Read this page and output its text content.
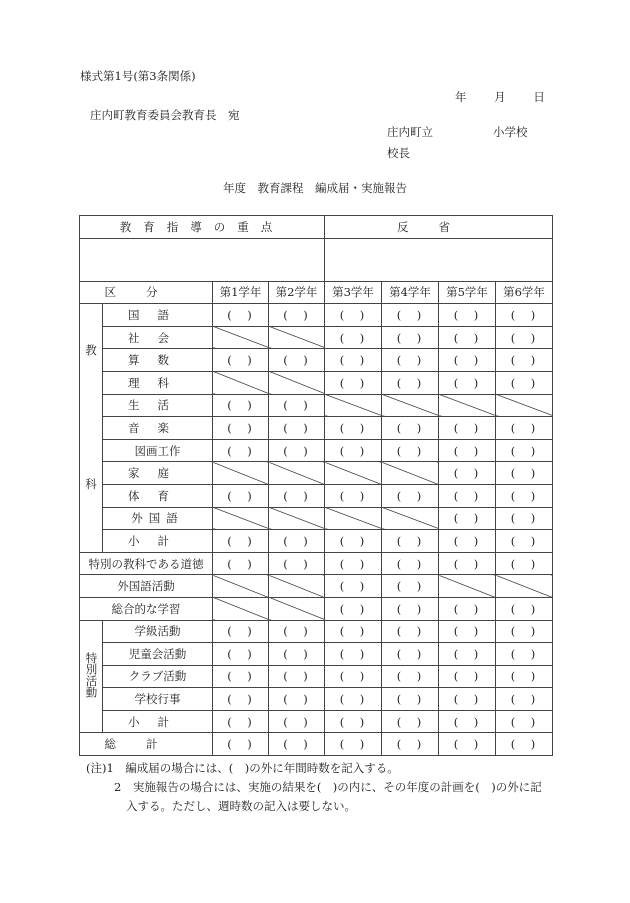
様式第1号(第3条関係)
年 月 日
庄内町教育委員会教育長　宛
庄内町立	小学校
校長
年度　教育課程　編成届・実施報告
教育指導の重点				反省			

区分		第1学年	第2学年	第3学年	第4学年	第5学年	第6学年

教
科	国語	(　)	(　)	(　)	(　)	(　)	(　)
	社会			(　)	(　)	(　)	(　)
	算数	(　)	(　)	(　)	(　)	(　)	(　)
	理科			(　)	(　)	(　)	(　)
	生活	(　)	(　)				
	音楽	(　)	(　)	(　)	(　)	(　)	(　)
	図画工作	(　)	(　)	(　)	(　)	(　)	(　)
	家庭					(　)	(　)
	体育	(　)	(　)	(　)	(　)	(　)	(　)
	外国語					(　)	(　)
	小計	(　)	(　)	(　)	(　)	(　)	(　)
特別の教科である道徳		(　)	(　)	(　)	(　)	(　)	(　)
外国語活動				(　)	(　)		
総合的な学習				(　)	(　)	(　)	(　)
特別活動	学級活動	(　)	(　)	(　)	(　)	(　)	(　)
	児童会活動	(　)	(　)	(　)	(　)	(　)	(　)
	クラブ活動	(　)	(　)	(　)	(　)	(　)	(　)
	学校行事	(　)	(　)	(　)	(　)	(　)	(　)
	小計	(　)	(　)	(　)	(　)	(　)	(　)
総計		(　)	(　)	(　)	(　)	(　)	(　)
(注)1　編成届の場合には、(　)の外に年間時数を記入する。
2　実施報告の場合には、実施の結果を(　)の内に、その年度の計画を(　)の外に記
入する。ただし、週時数の記入は要しない。
